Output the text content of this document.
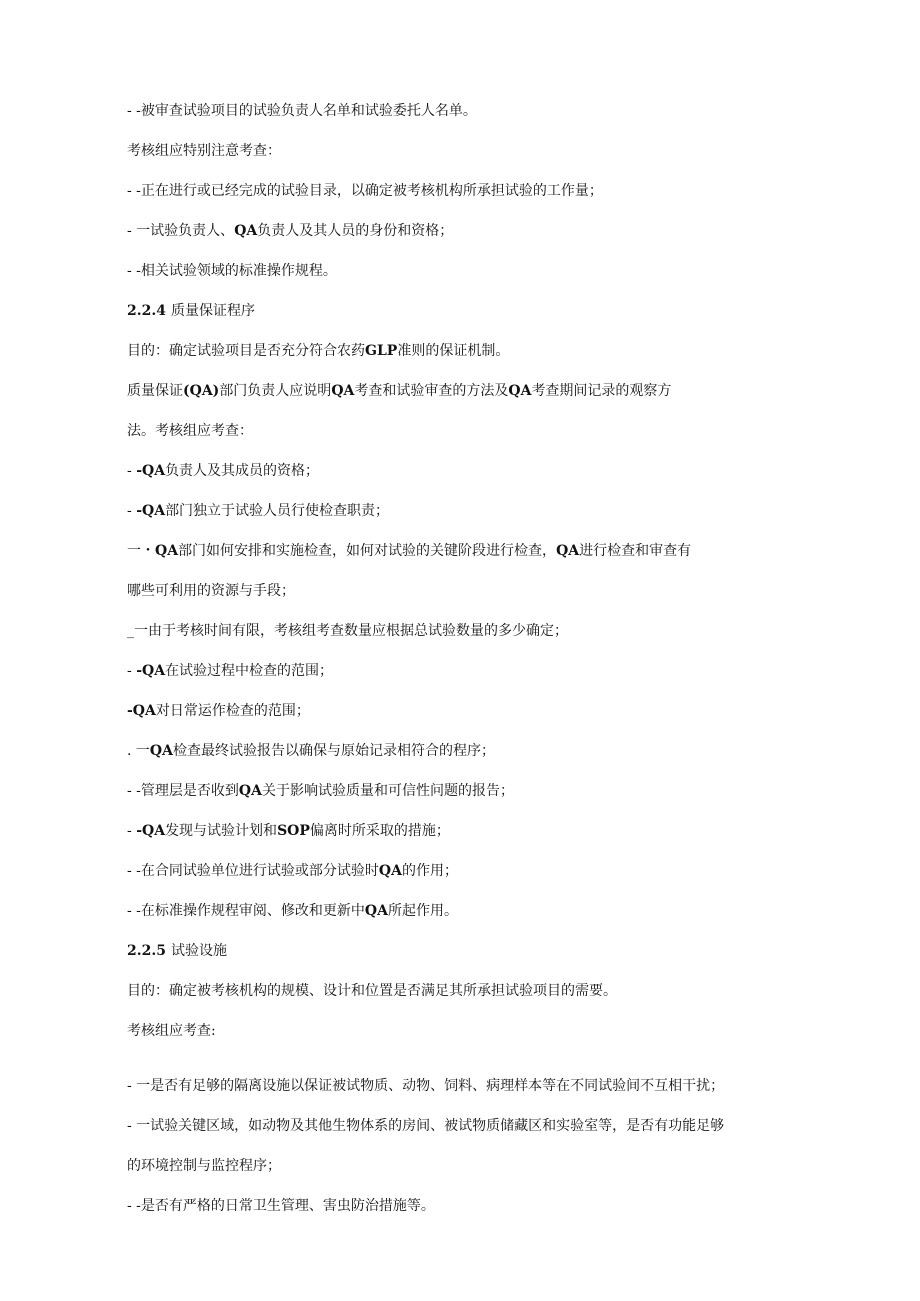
- -被审查试验项目的试验负责人名单和试验委托人名单。
考核组应特别注意考查：
- -正在进行或已经完成的试验目录，以确定被考核机构所承担试验的工作量；
- 一试验负责人、QA负责人及其人员的身份和资格；
- -相关试验领域的标准操作规程。
2.2.4 质量保证程序
目的：确定试验项目是否充分符合农药GLP准则的保证机制。
质量保证(QA)部门负责人应说明QA考查和试验审查的方法及QA考查期间记录的观察方
法。考核组应考查：
- -QA负责人及其成员的资格；
- -QA部门独立于试验人员行使检查职责；
一・QA部门如何安排和实施检查，如何对试验的关键阶段进行检查，QA进行检查和审查有
哪些可利用的资源与手段；
_一由于考核时间有限，考核组考查数量应根据总试验数量的多少确定；
- -QA在试验过程中检查的范围；
-QA对日常运作检查的范围；
. 一QA检查最终试验报告以确保与原始记录相符合的程序；
- -管理层是否收到QA关于影响试验质量和可信性问题的报告；
- -QA发现与试验计划和SOP偏离时所采取的措施；
- -在合同试验单位进行试验或部分试验时QA的作用；
- -在标准操作规程审阅、修改和更新中QA所起作用。
2.2.5 试验设施
目的：确定被考核机构的规模、设计和位置是否满足其所承担试验项目的需要。
考核组应考查:
- 一是否有足够的隔离设施以保证被试物质、动物、饲料、病理样本等在不同试验间不互相干扰；
- 一试验关键区域，如动物及其他生物体系的房间、被试物质储藏区和实验室等，是否有功能足够
的环境控制与监控程序；
- -是否有严格的日常卫生管理、害虫防治措施等。
